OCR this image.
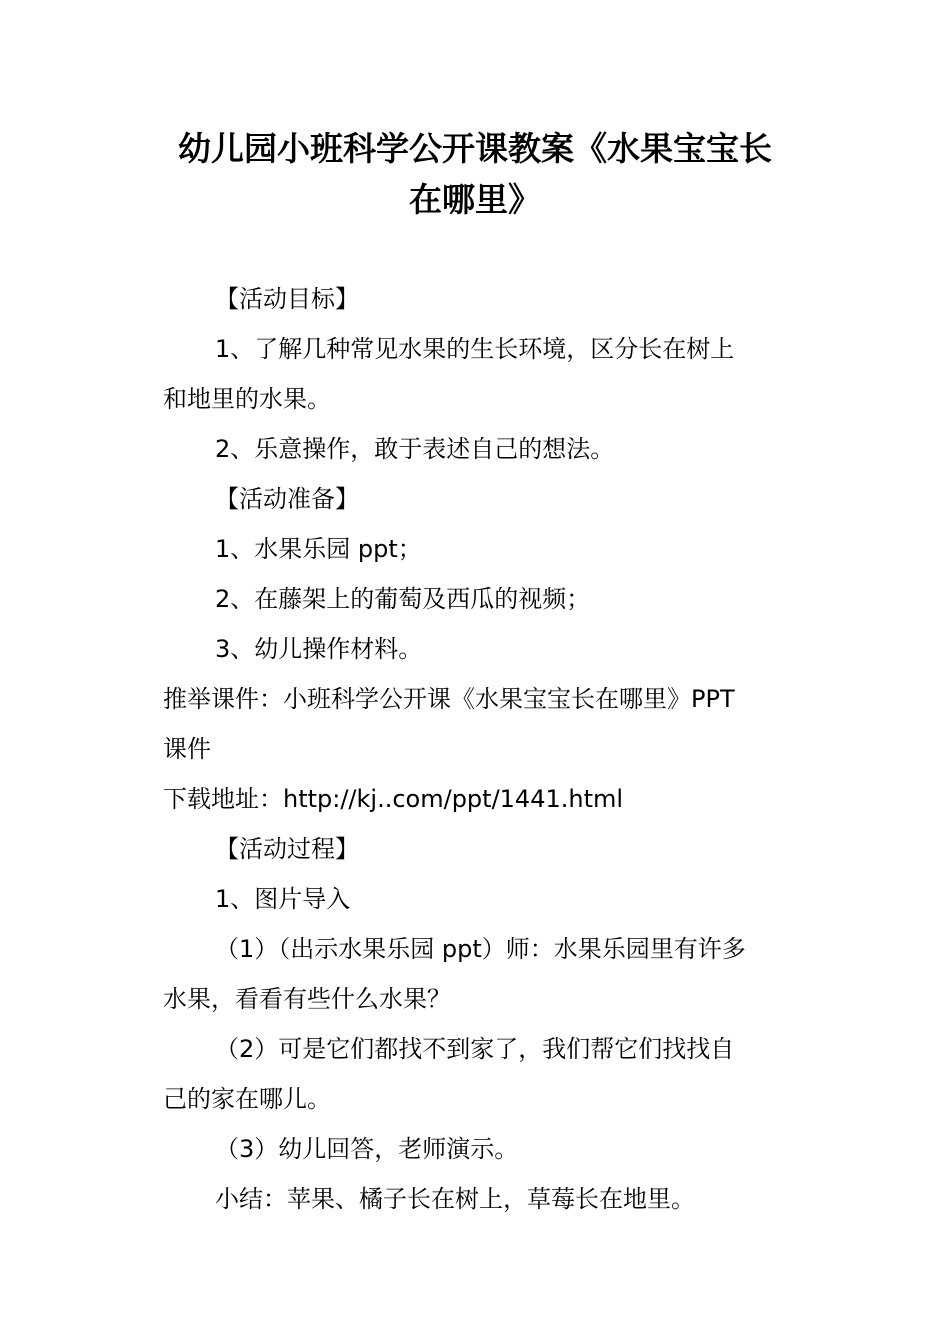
幼儿园小班科学公开课教案《水果宝宝长
在哪里》
【活动目标】
1、了解几种常见水果的生长环境，区分长在树上
和地里的水果。
2、乐意操作，敢于表述自己的想法。
【活动准备】
1、水果乐园 ppt；
2、在藤架上的葡萄及西瓜的视频；
3、幼儿操作材料。
推举课件：小班科学公开课《水果宝宝长在哪里》PPT
课件
下载地址：http://kj..com/ppt/1441.html
【活动过程】
1、图片导入
（1）（出示水果乐园 ppt）师：水果乐园里有许多
水果，看看有些什么水果？
（2）可是它们都找不到家了，我们帮它们找找自
己的家在哪儿。
（3）幼儿回答，老师演示。
小结：苹果、橘子长在树上，草莓长在地里。
